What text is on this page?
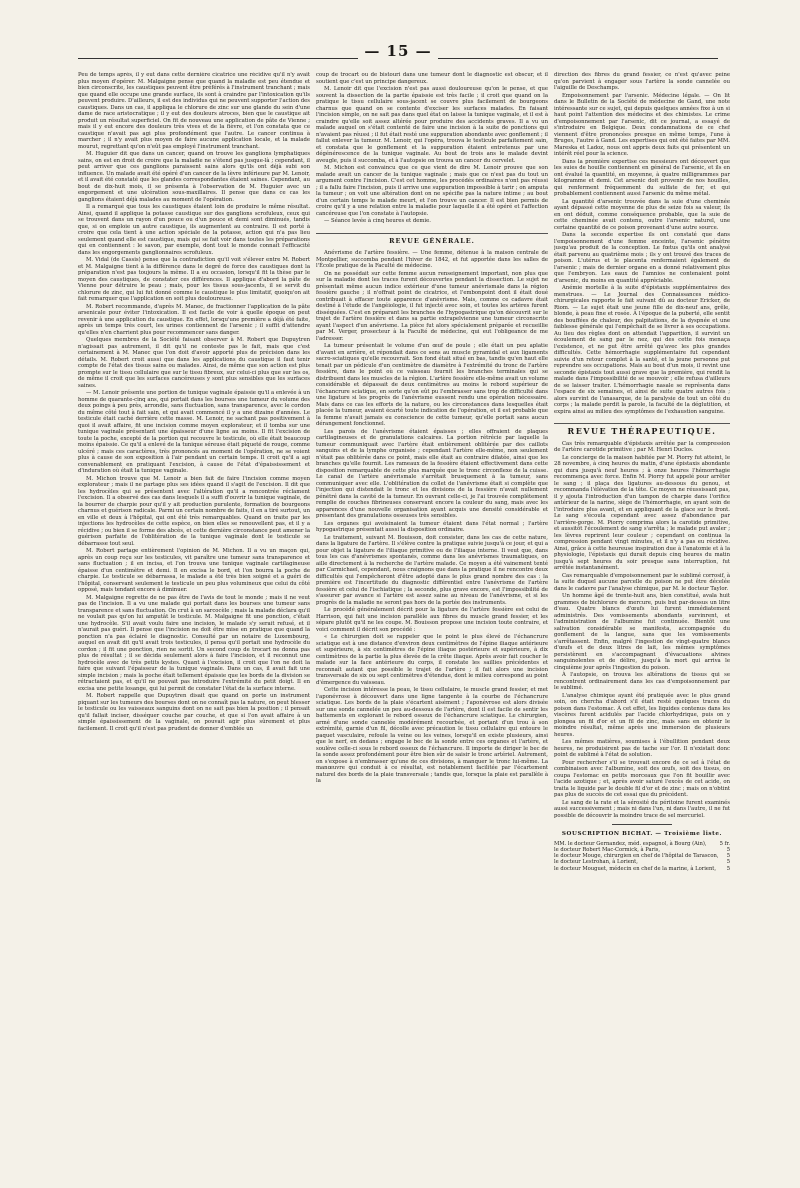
— 15 —

Peu de temps après, il y eut dans cette dernière cicatrice une récidive qu'il n'y avait plus moyen d'opérer. M. Malgaigne pense que quand la maladie est peu étendue et bien circonscrite, les caustiques peuvent être préférés à l'instrument tranchant ; mais que quand elle occupe une grande surface, ils sont à craindre par l'intoxication qu'ils peuvent produire. D'ailleurs, il est des individus qui ne peuvent supporter l'action des caustiques. Dans un cas, il appliqua le chlorure de zinc sur une glande du sein d'une dame de race aristocratique ; il y eut des douleurs atroces, bien que le caustique ait produit un résultat superficiel. On fit de nouveau une application de pâte de Vienne ; mais il y eut encore des douleurs très vives et de la fièvre, et l'on constata que ce caustique n'avait pas agi plus profondément que l'autre. Le cancer continua à marcher ; il n'y avait plus moyen de faire aucune application locale, et la malade mourut, regrettant qu'on n'eût pas employé l'instrument tranchant.

M. Huguier dit que dans un cancer, quand on trouve les ganglions lymphatiques sains, on est en droit de croire que la maladie ne s'étend pas jusque-là ; cependant, il peut arriver que ces ganglions paraissent sains alors qu'ils ont déjà subi son influence. Un malade avait été opéré d'un cancer de la lèvre inférieure par M. Lenoir, et il avait été constaté que les glandes correspondantes étaient saines. Cependant, au bout de dix-huit mois, il se présenta à l'observation de M. Huguier avec un engorgement et une ulcération sous-maxillaires. Il pense que dans ce cas les ganglions étaient déjà malades au moment de l'opération.

Il a remarqué que tous les caustiques étaient loin de produire le même résultat. Ainsi, quand il applique la potasse caustique sur des ganglions scrofuleux, ceux qui se trouvent dans un rayon d'un pouce ou d'un pouce et demi sont diminués, tandis que, si on emploie un autre caustique, ils augmentent au contraire. Il est porté à croire que cela tient à une action spéciale de la potasse, action qui n'a pas lieu seulement quand elle est caustique, mais qui se fait voir dans toutes les préparations qui en contiennent : le savon, par exemple, dont tout le monde connaît l'efficacité dans les engorgements ganglionnaires scrofuleux.

M. Vidal (de Cassis) pense que la contradiction qu'il voit s'élever entre M. Robert et M. Malgaigne tient à la différence dans le degré de force des caustiques dont la préparation n'est pas toujours la même. Il a eu occasion, lorsqu'il fit la thèse par le moyen des caustiques, de constater ces différences. Il applique d'abord la pâte de Vienne pour détruire le peau ; mais, pour les tissus sous-jacents, il se servit du chlorure de zinc, qui lui fut donné comme le caustique le plus limitatif, quoiqu'on ait fait remarquer que l'application en soit plus douloureuse.

M. Robert recommande, d'après M. Manec, de fractionner l'application de la pâte arsenicale pour éviter l'intoxication. Il est facile de voir à quelle époque on peut revenir à une application du caustique. En effet, lorsqu'une première a déjà été faite, après un temps très court, les urines contiennent de l'arsenic ; il suffit d'attendre qu'elles n'en charrient plus pour recommencer sans danger.

Quelques membres de la Société faisant observer à M. Robert que Dupuytren n'agissait pas autrement, il dit qu'il ne conteste pas le fait, mais que c'est certainement à M. Manec que l'on doit d'avoir apporté plus de précision dans les détails. M. Robert croit aussi que dans les applications du caustique il faut tenir compte de l'état des tissus sains ou malades. Ainsi, de même que son action est plus prompte sur le tissu cellulaire que sur le tissu fibreux, sur celui-ci plus que sur les os, de même il croit que les surfaces cancéreuses y sont plus sensibles que les surfaces saines.

— M. Lenoir présente une portion de tunique vaginale épaissie qu'il a enlevée à un homme de quarante-cinq ans, qui portait dans les bourses une tumeur du volume des deux poings à peu près, arrondie, sans fluctuation, sans transparence, avec le cordon du même côté tout à fait sain, et qui avait commencé il y a une dizaine d'années. Le testicule était caché derrière cette masse. M. Lenoir, ne sachant pas positivement à quoi il avait affaire, fit une incision comme moyen explorateur, et il tomba sur une tunique vaginale présentant une épaisseur d'une ligne au moins. Il fit l'excision de toute la poche, excepté de la portion qui recouvre le testicule, où elle était beaucoup moins épaissie. Ce qu'il a enlevé de la tunique séreuse était piqueté de rouge, comme ulcéré ; mais ces caractères, très prononcés au moment de l'opération, ne se voient plus à cause de son exposition à l'air pendant un certain temps. Il croit qu'il a agi convenablement en pratiquant l'excision, à cause de l'état d'épaississement et d'induration où était la tunique vaginale.

M. Michon trouve que M. Lenoir a bien fait de faire l'incision comme moyen explorateur ; mais il ne partage plus ses idées quand il s'agit de l'excision. Il dit que les hydrocèles qui se présentent avec l'altération qu'il a rencontrée réclament l'excision. Il a observé des cas dans lesquels il a suffi d'ouvrir la tunique vaginale, de la bourrer de charpie pour qu'il y ait production purulente, formation de bourgeons charnus et guérison radicale. Parmi un certain nombre de faits, il en a tiré surtout, un en ville et deux à l'hôpital, qui ont été très remarquables. Quand on traite par les injections les hydrocèles de cette espèce, on bien elles se renouvellent pas, et il y a récidive ; ou bien il se forme des abcès, et cette dernière circonstance peut amener la guérison parfaite de l'oblitération de la tunique vaginale dont le testicule se débarrasse tout seul.

M. Robert partage entièrement l'opinion de M. Michon. Il a vu un maçon qui, après un coup reçu sur les testicules, vit paraître une tumeur sans transparence et sans fluctuation ; il en incisa, et l'on trouva une tunique vaginale cartilagineuse épaisse d'un centimètre et demi. Il en excisa le bord, et l'on bourra la poche de charpie. Le testicule se débarrassa, le malade a été très bien soigné et a guéri de l'hôpital, conservant seulement le testicule un peu plus volumineux que celui du côté opposé, mais tendant encore à diminuer.

M. Malgaigne regrette de ne pas être de l'avis de tout le monde ; mais il ne veut pas de l'incision. Il a vu une malade qui portait dans les bourses une tumeur sans transparence et sans fluctuation. On crut à un sarcocèle ; mais la malade déclara qu'il ne voulait pas qu'on lui amputât le testicule. M. Malgaigne fit une ponction, c'était une hydrocèle. S'il avait voulu faire une incision, le malade s'y serait refusé, et il n'aurait pas guéri. Il pense que l'incision ne doit être mise en pratique que quand la ponction n'a pas éclairé le diagnostic. Consulté par un notaire de Luxembourg, auquel en avait dit qu'il avait trois testicules, il pensa qu'il portait une hydrocèle du cordon ; il fit une ponction, rien ne sortit. Un second coup de trocart ne donna pas plus de résultat ; il se décida seulement alors à faire l'incision, et il reconnut une hydrocèle avec de très petits kystes. Quant à l'excision, il croit que l'on ne doit la faire que suivant l'épaisseur de la tunique vaginale. Dans un cas, il avait fait une simple incision ; mais la poche était tellement épaissie que les bords de la division se rétractaient pas, et qu'il ne pouvait pas introduire l'extrémité du petit doigt. Il en excisa une petite losange, qui lui permit de constater l'état de la surface interne.

M. Robert rappelle que Dupuytren disait que quand on porte un instrument piquant sur les tumeurs des bourses dont on ne connaît pas la nature, on peut blesser le testicule ou les vaisseaux sanguins dont on ne sait pas bien la position ; il pensait qu'il fallait inciser, disséquer couche par couche, et que si l'on avait affaire à un simple épaississement de la vaginale, on pouvait agir plus sûrement et plus facilement. Il croit qu'il n'est pas prudent de donner d'emblée un

coup de trocart ou de bistouri dans une tumeur dont le diagnostic est obscur, et il soutient que c'est un principe dangereux.

M. Lenoir dit que l'excision n'est pas aussi douloureuse qu'on le pense, et que souvent la dissection de la partie épaissie est très facile ; il croit que quand on la pratique le tissu cellulaire sous-jacent se couvre plus facilement de bourgeons charnus que quand on se contente d'exciser les surfaces malades. En faisant l'incision simple, on ne sait pas dans quel état on laisse la tunique vaginale, et il est à craindre qu'elle soit assez altérée pour produire des accidents graves. Il a vu un malade auquel on s'était contenté de faire une incision à la suite de ponctions qui n'avaient pas réussi ; il fut était resté une suppuration abondante avec gonflement ; il fallut enlever la tumeur. M. Lenoir, qui l'opéra, trouva le testicule parfaitement sain, et constata que le gonflement et la suppuration étaient entretenus par une dégénérescence de la tunique vaginale. Au bout de trois ans le malade devint aveugle, puis il succomba, et à l'autopsie on trouva un cancer du cervelet.

M. Michon est convaincu que ce que vient de dire M. Lenoir prouve que son malade avait un cancer de la tunique vaginale ; mais que ce n'est pas du tout un argument contre l'incision. C'est cet homme, les procédés ordinaires n'ont pas réussi ; il a fallu faire l'incision, puis il arrive une suppuration impossible à tarir ; on amputa la tumeur ; on voit une altération dont on ne spécifie pas la nature intime ; au bout d'un certain temps le malade meurt, et l'on trouve un cancer. Il est bien permis de croire qu'il y a une relation entre la maladie pour laquelle il a été opéré et l'affection cancéreuse que l'on constate à l'autopsie.

— Séance levée à cinq heures et demie.

REVUE GÉNÉRALE.

Anévrisme de l'artère fessière. — Une femme, détenue à la maison centrale de Montpellier, succomba pendant l'hiver de 1842, et fut apportée dans les salles de l'École pratique de la Faculté de médecine.

On ne possédait sur cette femme aucun renseignement important, non plus que sur la maladie dont les traces furent découvertes pendant la dissection. Le sujet ne présentait même aucun indice extérieur d'une tumeur anévrismale dans la région fessière gauche ; il n'offrait point de cicatrice, et l'embonpoint dont il était doué contribuait à effacer toute apparence d'anévrisme. Mais, comme ce cadavre était destiné à l'étude de l'angéiologie, il fut injecté avec soin, et toutes les artères furent disséquées. C'est en préparant les branches de l'hypogastrique qu'on découvrit sur le trajet de l'artère fessière et dans sa partie extrapelvienne une tumeur circonscrite ayant l'aspect d'un anévrisme. La pièce fut alors spécialement préparée et recueillie par M. Verger, prosecteur à la Faculté de médecine, qui eut l'obligeance de me l'adresser.

La tumeur présentait le volume d'un œuf de poule ; elle était un peu aplatie d'avant en arrière, et répondait dans ce sens au muscle pyramidal et aux ligaments sacro-sciatiques qu'elle recouvrait. Son fond était situé en bas, tandis qu'en haut elle tenait par un pédicule d'un centimètre de diamètre à l'extrémité du tronc de l'artère fessière, dans le point où ce vaisseau fournit les branches terminales qui se distribuent dans les muscles de la région. L'artère fessière elle-même avait un volume considérable et dépassait de deux centimètres au moins le rebord supérieur de l'échancrure sciatique, en sorte qu'on eût pu l'embrasser sans trop de difficulté dans une ligature si les progrès de l'anévrisme eussent rendu une opération nécessaire. Mais dans ce cas les efforts de la nature, ou les circonstances dans lesquelles était placée la tumeur, avaient écarté toute indication de l'opération, et il est probable que la femme n'avait jamais eu conscience de cette tumeur, qu'elle portait sans aucun dérangement fonctionnel.

Les parois de l'anévrisme étaient épaisses ; elles offraient de plaques cartilagineuses et de granulations calcaires. La portion rétrécie par laquelle la tumeur communiquait avec l'artère était entièrement oblitérée par des caillots sanguins et de la lymphe organisée ; cependant l'artère elle-même, non seulement n'était pas oblitérée dans ce point, mais elle était au contraire dilatée, ainsi que les branches qu'elle fournit. Les rameaux de la fessière étaient effectivement dans cette disposition remarquable de cette plus marquée que le tronc circonflexe de la cuisse. Le canal de l'artère anévrismale s'arrêtait brusquement à la tumeur, sans communiquer avec elle. L'oblitération du collet de l'anévrisme était si complète que l'injection qui distendait le tronc et les divisions de la fessière n'avait nullement pénétré dans la cavité de la tumeur. En ouvrant celle-ci, je l'ai trouvée complètement remplie de couches fibrineuses conservant encore la couleur du sang, mais avec les apparences d'une nouvelle organisation ayant acquis une densité considérable et présentant des granulations osseuses très sensibles.

Les organes qui avoisinaient la tumeur étaient dans l'état normal ; l'artère hypogastrique présentait aussi la disposition ordinaire.

Le traitement, suivant M. Bouisson, doit consister, dans les cas de cette nature, dans la ligature de l'artère. Il s'élève contre la pratique suivie jusqu'à ce jour, et qui a pour objet la ligature de l'iliaque primitive ou de l'iliaque interne. Il veut que, dans tous les cas d'anévrismes spontanés, comme dans les anévrismes traumatiques, on aille directement à la recherche de l'artère malade. Ce moyen a été vainement tenté par Carmichael, cependant, nous craignons que dans la pratique il ne rencontre deux difficultés qui l'empêcheront d'être adopté dans le plus grand nombre des cas : la première est l'incertitude du diagnostic différentiel entre l'anévrisme de l'artère fessière et celui de l'ischiatique ; la seconde, plus grave encore, est l'impossibilité de s'assurer par avance si l'artère est assez saine au niveau de l'anévrisme, et si les progrès de la maladie ne seront pas hors de la portée des instruments.

Le procédé généralement décrit pour la ligature de l'artère fessière est celui de Harrison, qui fait une incision parallèle aux fibres du muscle grand fessier, et les sépare plutôt qu'il ne les coupe. M. Bouisson propose une incision toute contraire, et voici comment il décrit son procédé :

« Le chirurgien doit se rappeler que le point le plus élevé de l'échancrure sciatique est à une distance d'environ deux centimètres de l'épine iliaque antérieure et supérieure, à six centimètres de l'épine iliaque postérieure et supérieure, à dix centimètres de la partie la plus élevée de la crête iliaque. Après avoir fait coucher le malade sur la face antérieure du corps, il constate les saillies précédentes et reconnaît autant que possible le trajet de l'artère ; il fait alors une incision transversale de six ou sept centimètres d'étendue, dont le milieu correspond au point d'émergence du vaisseau.

Cette incision intéresse la peau, le tissu cellulaire, le muscle grand fessier, et met l'aponévrose à découvert dans une ligne tangente à la courbe de l'échancrure sciatique. Les bords de la plaie s'écartent aisément ; l'aponévrose est alors divisée sur une sonde cannelée un peu au-dessous de l'artère, dont il est facile de sentir les battements en explorant le rebord osseux de l'échancrure sciatique. Le chirurgien, armé d'une sonde cannelée modérément recourbée, et portant d'un trou à son extrémité, garnie d'un fil, décolle avec précaution le tissu cellulaire qui entoure le paquet vasculaire, refoule la veine ou les veines, lorsqu'il en existe plusieurs, ainsi que le nerf, en dedans ; engage le bec de la sonde entre ces organes et l'artère, et soulève celle-ci sous le rebord osseux de l'échancrure. Il importe de diriger le bec de la sonde assez profondément pour être bien sûr de saisir le tronc artériel. Autrement, on s'expose à n'embrasser qu'une de ces divisions, à manquer le tronc lui-même. La manœuvre qui conduit à ce résultat, est notablement facilitée par l'écartement naturel des bords de la plaie transversale ; tandis que, lorsque la plaie est parallèle à la

direction des fibres du grand fessier, ce n'est qu'avec peine qu'on parvient à engager sous l'artère la sonde cannelée ou l'aiguille de Deschamps.

Empoisonnement par l'arsenic. Médecine légale. — On lit dans le Bulletin de la Société de médecine de Gand, une note intéressante sur ce sujet, qui depuis quelques années fixe à un si haut point l'attention des médecins et des chimistes. Le crime d'empoisonnement par l'arsenic, dit ce journal, a essayé de s'introduire en Belgique. Deux condamnations de ce chef viennent d'être prononcées presque en même temps, l'une à Bruges, l'autre à Gand. Les expertises qui ont été faites par MM. Mareska et Ladoz, nous ont appris deux faits qui présentent un intérêt réel pour la science.

Dans la première expertise ces messieurs ont découvert que les suies de houille contiennent en général de l'arsenic, et ils en ont évalué la quantité, en moyenne, à quatre milligrammes par kilogramme et demi. Cet arsenic doit provenir de nos houilles, qui renferment fréquemment du sulfate de fer, et qui probablement contiennent aussi l'arsenic du même métal.

La quantité d'arsenic trouvée dans la suie d'une cheminée ayant dépassé cette moyenne de plus de seize fois sa valeur, ils en ont déduit, comme conséquence probable, que la suie de cette cheminée avait contenu, outre l'arsenic naturel, une certaine quantité de ce poison provenant d'une autre source.

Dans la seconde expertise ils ont constaté que dans l'empoisonnement d'une femme enceinte, l'arsenic pénètre jusqu'au produit de la conception. Le fœtus qu'ils ont analysé était parvenu au quatrième mois ; ils y ont trouvé des traces de poison. L'utérus et le placenta renfermaient également de l'arsenic ; mais de dernier organe en a donné relativement plus que l'embryon. Les eaux de l'amnios ne contenaient point d'arsenic, du moins en quantité appréciable.

Anémie mortelle à la suite d'épistaxis supplémentaires des menstrues. — Le Journal des Connaissances médico-chirurgicales rapporte le fait suivant dû au docteur Ericker, de Riom. — Le sujet était une jeune fille de dix-neuf ans, grêle, blonde, à peau fine et rosée. À l'époque de la puberté, elle sentit des bouffées de chaleur, des palpitations, de la dyspnée et une faiblesse générale qui l'empêchait de se livrer à ses occupations. Au lieu des règles dont on attendait l'apparition, il survint un écoulement de sang par le nez, qui des cette fois menaça l'existence, et ne put être arrêté qu'avec les plus grandes difficultés. Cette hémorrhagie supplémentaire fut cependant suivie d'un retour complet à la santé, et la jeune personne put reprendre ses occupations. Mais au bout d'un mois, il revint une seconde épistaxis tout aussi grave que la première, qui rendit la malade dans l'impossibilité de se mouvoir ; elle refusa d'ailleurs de se laisser traiter. L'hémorrhagie nasale se représenta dans l'espace de six semaines, et ainsi de suite quatre autres fois ; alors survint de l'anasarque, de la paralysie de tout un côté du corps ; la malade perdit la parole, la faculté de la déglutition, et expira ainsi au milieu des symptômes de l'exhaustion sanguine.

REVUE THÉRAPEUTIQUE.

Cas très remarquable d'épistaxis arrêtée par la compression de l'artère carotide primitive ; par M. Henri Duclos.

Le concierge de la maison habitée par M. Piorry fut atteint, le 28 novembre, à cinq heures du matin, d'une épistaxis abondante qui dura jusqu'à neuf heures ; à onze heures l'hémorrhagie recommença avec force. Enfin M. Piorry fut appelé pour arrêter le sang ; il plaça des ligatures au-dessous du genou, et recommanda l'élévation de la tête. Ce moyen ne réussissant pas, il y ajouta l'introduction d'un tampon de charpie dans l'orifice antérieur de la narine, siège de l'hémorrhagie, en ayant soin de l'introduire plus avant, et en appliquant de la glace sur le front. Le sang s'écoula cependant avec assez d'abondance par l'arrière-gorge. M. Piorry comprima alors la carotide primitive, et aussitôt l'écoulement de sang s'arrêta ; le malade put avaler ; les lèvres reprirent leur couleur ; cependant on continua la compression pendant vingt minutes, et il n'y a pas eu récidive. Ainsi, grâce à cette heureuse inspiration due à l'anatomie et à la physiologie, l'épistaxis qui durait depuis cinq heures du matin jusqu'à sept heures du soir presque sans interruption, fut arrêtée instantanément.

Cas remarquable d'empoisonnement par le sublimé corrosif, à la suite duquel aucune parcelle du poison ne put être décelée dans le cadavre par l'analyse chimique, par M. le docteur Taylor.

Un homme âgé de trente-huit ans, bien constitué, avala huit grammes de bichlorure de mercure, puis but par-dessus un litre d'eau. Quatre blancs d'œufs lui furent immédiatement administrés. Des vomissements abondants survinrent, et l'administration de l'albumine fut continuée. Bientôt une salivation considérable se manifesta, accompagnée du gonflement de la langue, sans que les vomissements s'arrêtassent. Enfin, malgré l'ingestion de vingt-quatre blancs d'œufs et de deux litres de lait, les mêmes symptômes persistèrent en s'accompagnant d'évacuations alvines sanguinolentes et de délire, jusqu'à la mort qui arriva le cinquième jour après l'ingestion du poison.

À l'autopsie, on trouva les altérations de tissus qui se rencontrent ordinairement dans les cas d'empoisonnement par le sublimé.

L'analyse chimique ayant été pratiquée avec le plus grand soin, on chercha d'abord s'il était resté quelques traces du poison dans l'estomac. À cet effet, les liquides contenus dans les viscères furent acidulés par l'acide chlorhydrique, puis on y plongea un fil d'or et un fil de zinc, mais sans en obtenir le moindre résultat, même après une immersion de plusieurs heures.

Les mêmes matières, soumises à l'ébullition pendant deux heures, ne produisirent pas de tache sur l'or. Il n'existait donc point de sublimé à l'état de solution.

Pour rechercher s'il se trouvait encore de ce sel à l'état de combinaison avec l'albumine, soit des œufs, soit des tissus, on coupa l'estomac en petits morceaux que l'on fit bouillir avec l'acide azotique ; et, après avoir saturé l'excès de cet acide, on traita le liquide par le double fil d'or et de zinc ; mais on n'obtint pas plus de succès de cet essai que du précédent.

Le sang de la rate et la sérosité du péritoine furent examinés aussi successivement ; mais ni dans l'un, ni dans l'autre, il ne fut possible de découvrir la moindre trace de sel mercuriel.

SOUSCRIPTION BICHAT. — Troisième liste.
MM. le docteur Gernandez, méd. espagnol, à Bourg (Ain),	5 fr.
le docteur Robert Mac-Cormick, à Paris,	5
le docteur Mouge, chirurgien en chef de l'hôpital de Tarascon,	5
le docteur Lestrohan, à Lorient,	5
le docteur Mouguet, médecin en chef de la marine, à Lorient,	5
